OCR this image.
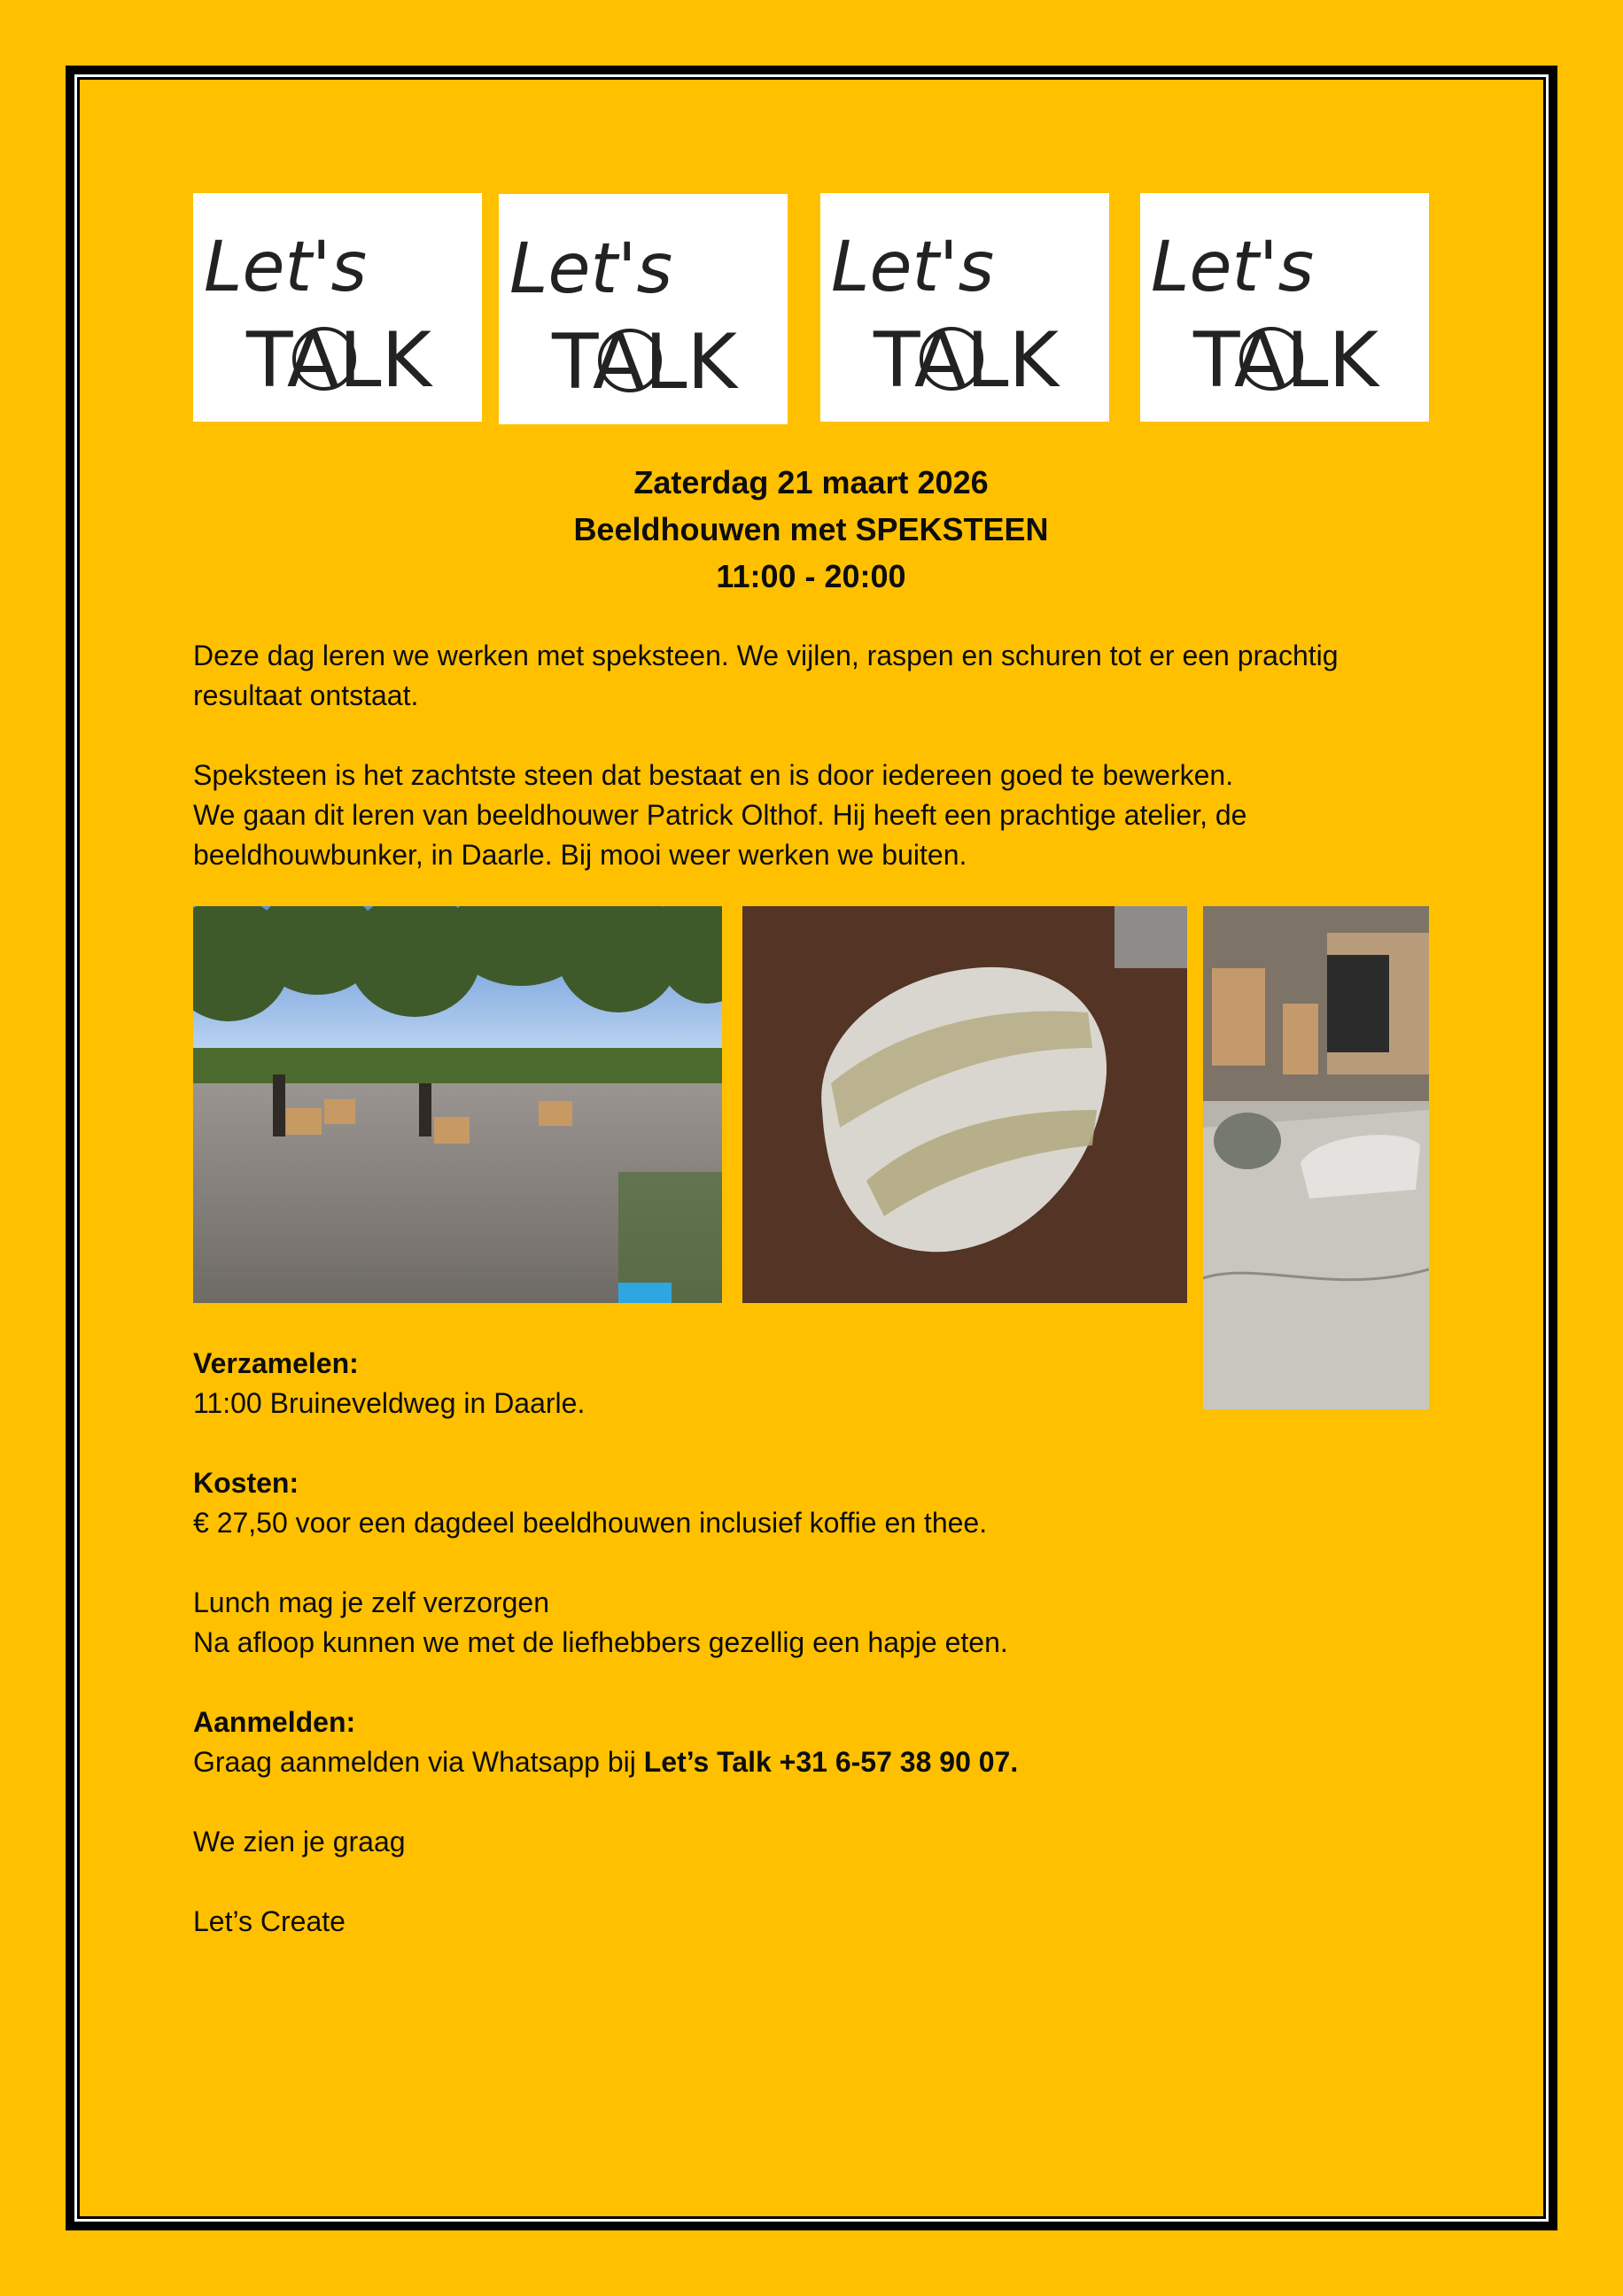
Let's
TALK
Let's
TALK
Let's
TALK
Let's
TALK
Zaterdag 21 maart 2026
Beeldhouwen met SPEKSTEEN
11:00 - 20:00

Deze dag leren we werken met speksteen. We vijlen, raspen en schuren tot er een prachtig resultaat ontstaat.

Speksteen is het zachtste steen dat bestaat en is door iedereen goed te bewerken.

We gaan dit leren van beeldhouwer Patrick Olthof. Hij heeft een prachtige atelier, de beeldhouwbunker, in Daarle. Bij mooi weer werken we buiten.

Verzamelen:

11:00 Bruineveldweg in Daarle.

Kosten:

€ 27,50 voor een dagdeel beeldhouwen inclusief koffie en thee.

Lunch mag je zelf verzorgen

Na afloop kunnen we met de liefhebbers gezellig een hapje eten.

Aanmelden:

Graag aanmelden via Whatsapp bij Let’s Talk +31 6-57 38 90 07.

We zien je graag

Let’s Create
